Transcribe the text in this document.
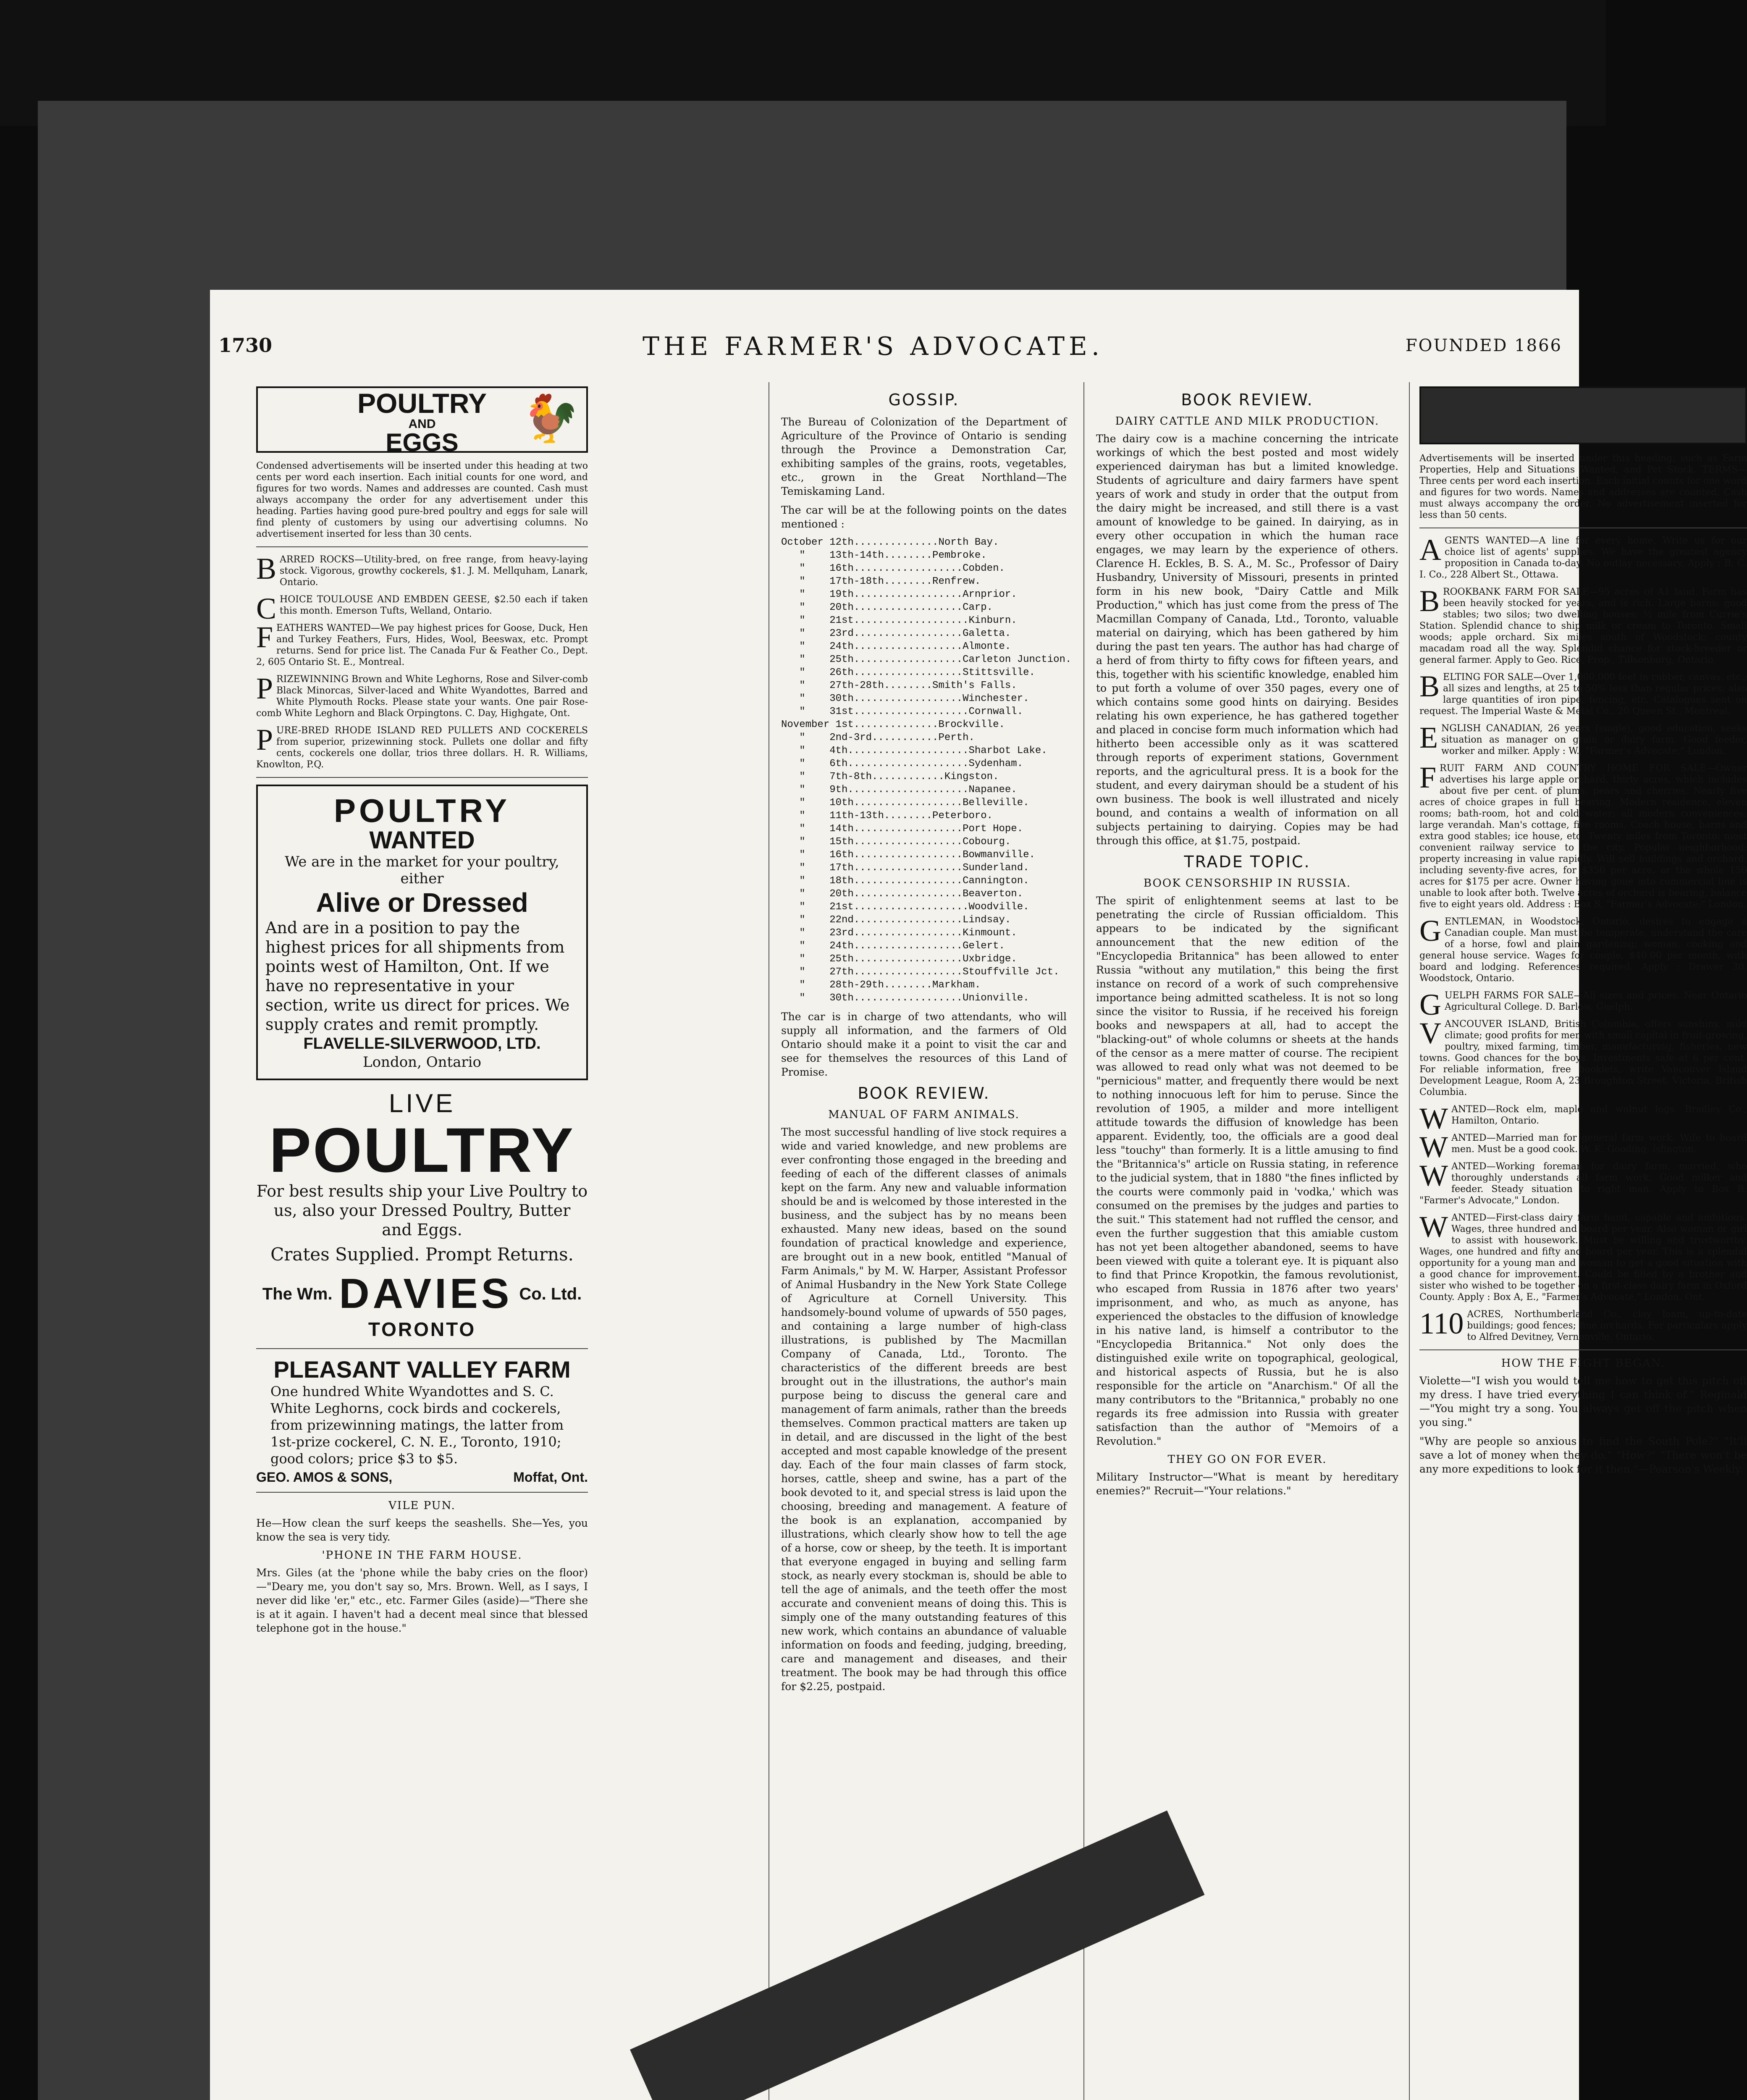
1730	THE FARMER'S ADVOCATE.	FOUNDED 1866
POULTRY
AND
EGGS	🐓

Condensed advertisements will be inserted under this heading at two cents per word each insertion. Each initial counts for one word, and figures for two words. Names and addresses are counted. Cash must always accompany the order for any advertisement under this heading. Parties having good pure-bred poultry and eggs for sale will find plenty of customers by using our advertising columns. No advertisement inserted for less than 30 cents.

BARRED ROCKS—Utility-bred, on free range, from heavy-laying stock. Vigorous, growthy cockerels, $1. J. M. Mellquham, Lanark, Ontario.
CHOICE TOULOUSE AND EMBDEN GEESE, $2.50 each if taken this month. Emerson Tufts, Welland, Ontario.
FEATHERS WANTED—We pay highest prices for Goose, Duck, Hen and Turkey Feathers, Furs, Hides, Wool, Beeswax, etc. Prompt returns. Send for price list. The Canada Fur & Feather Co., Dept. 2, 605 Ontario St. E., Montreal.
PRIZEWINNING Brown and White Leghorns, Rose and Silver-comb Black Minorcas, Silver-laced and White Wyandottes, Barred and White Plymouth Rocks. Please state your wants. One pair Rose-comb White Leghorn and Black Orpingtons. C. Day, Highgate, Ont.
PURE-BRED RHODE ISLAND RED PULLETS AND COCKERELS from superior, prizewinning stock. Pullets one dollar and fifty cents, cockerels one dollar, trios three dollars. H. R. Williams, Knowlton, P.Q.
POULTRY
WANTED
We are in the market for your poultry, either
Alive or Dressed
And are in a position to pay the highest prices for all shipments from points west of Hamilton, Ont. If we have no representative in your section, write us direct for prices. We supply crates and remit promptly.
FLAVELLE-SILVERWOOD, LTD.
London, Ontario
LIVE
POULTRY
For best results ship your Live Poultry to us, also your Dressed Poultry, Butter and Eggs.
Crates Supplied. Prompt Returns.
The Wm. DAVIES Co. Ltd.
TORONTO
PLEASANT VALLEY FARM
One hundred White Wyandottes and S. C. White Leghorns, cock birds and cockerels, from prizewinning matings, the latter from 1st-prize cockerel, C. N. E., Toronto, 1910; good colors; price $3 to $5.
GEO. AMOS & SONS,	Moffat, Ont.
VILE PUN.

He—How clean the surf keeps the seashells. She—Yes, you know the sea is very tidy.

'PHONE IN THE FARM HOUSE.

Mrs. Giles (at the 'phone while the baby cries on the floor)—"Deary me, you don't say so, Mrs. Brown. Well, as I says, I never did like 'er," etc., etc. Farmer Giles (aside)—"There she is at it again. I haven't had a decent meal since that blessed telephone got in the house."

GOSSIP.

The Bureau of Colonization of the Department of Agriculture of the Province of Ontario is sending through the Province a Demonstration Car, exhibiting samples of the grains, roots, vegetables, etc., grown in the Great Northland—The Temiskaming Land.

The car will be at the following points on the dates mentioned :

October 12th..............North Bay.
"    13th-14th........Pembroke.
"    16th..................Cobden.
"    17th-18th........Renfrew.
"    19th..................Arnprior.
"    20th..................Carp.
"    21st...................Kinburn.
"    23rd..................Galetta.
"    24th..................Almonte.
"    25th..................Carleton Junction.
"    26th..................Stittsville.
"    27th-28th........Smith's Falls.
"    30th..................Winchester.
"    31st...................Cornwall.
November 1st..............Brockville.
"    2nd-3rd...........Perth.
"    4th....................Sharbot Lake.
"    6th....................Sydenham.
"    7th-8th............Kingston.
"    9th....................Napanee.
"    10th..................Belleville.
"    11th-13th........Peterboro.
"    14th..................Port Hope.
"    15th..................Cobourg.
"    16th..................Bowmanville.
"    17th..................Sunderland.
"    18th..................Cannington.
"    20th..................Beaverton.
"    21st...................Woodville.
"    22nd..................Lindsay.
"    23rd..................Kinmount.
"    24th..................Gelert.
"    25th..................Uxbridge.
"    27th..................Stouffville Jct.
"    28th-29th........Markham.
"    30th..................Unionville.

The car is in charge of two attendants, who will supply all information, and the farmers of Old Ontario should make it a point to visit the car and see for themselves the resources of this Land of Promise.

BOOK REVIEW.
MANUAL OF FARM ANIMALS.

The most successful handling of live stock requires a wide and varied knowledge, and new problems are ever confronting those engaged in the breeding and feeding of each of the different classes of animals kept on the farm. Any new and valuable information should be and is welcomed by those interested in the business, and the subject has by no means been exhausted. Many new ideas, based on the sound foundation of practical knowledge and experience, are brought out in a new book, entitled "Manual of Farm Animals," by M. W. Harper, Assistant Professor of Animal Husbandry in the New York State College of Agriculture at Cornell University. This handsomely-bound volume of upwards of 550 pages, and containing a large number of high-class illustrations, is published by The Macmillan Company of Canada, Ltd., Toronto. The characteristics of the different breeds are best brought out in the illustrations, the author's main purpose being to discuss the general care and management of farm animals, rather than the breeds themselves. Common practical matters are taken up in detail, and are discussed in the light of the best accepted and most capable knowledge of the present day. Each of the four main classes of farm stock, horses, cattle, sheep and swine, has a part of the book devoted to it, and special stress is laid upon the choosing, breeding and management. A feature of the book is an explanation, accompanied by illustrations, which clearly show how to tell the age of a horse, cow or sheep, by the teeth. It is important that everyone engaged in buying and selling farm stock, as nearly every stockman is, should be able to tell the age of animals, and the teeth offer the most accurate and convenient means of doing this. This is simply one of the many outstanding features of this new work, which contains an abundance of valuable information on foods and feeding, judging, breeding, care and management and diseases, and their treatment. The book may be had through this office for $2.25, postpaid.

BOOK REVIEW.
DAIRY CATTLE AND MILK PRODUCTION.

The dairy cow is a machine concerning the intricate workings of which the best posted and most widely experienced dairyman has but a limited knowledge. Students of agriculture and dairy farmers have spent years of work and study in order that the output from the dairy might be increased, and still there is a vast amount of knowledge to be gained. In dairying, as in every other occupation in which the human race engages, we may learn by the experience of others. Clarence H. Eckles, B. S. A., M. Sc., Professor of Dairy Husbandry, University of Missouri, presents in printed form in his new book, "Dairy Cattle and Milk Production," which has just come from the press of The Macmillan Company of Canada, Ltd., Toronto, valuable material on dairying, which has been gathered by him during the past ten years. The author has had charge of a herd of from thirty to fifty cows for fifteen years, and this, together with his scientific knowledge, enabled him to put forth a volume of over 350 pages, every one of which contains some good hints on dairying. Besides relating his own experience, he has gathered together and placed in concise form much information which had hitherto been accessible only as it was scattered through reports of experiment stations, Government reports, and the agricultural press. It is a book for the student, and every dairyman should be a student of his own business. The book is well illustrated and nicely bound, and contains a wealth of information on all subjects pertaining to dairying. Copies may be had through this office, at $1.75, postpaid.

TRADE TOPIC.
BOOK CENSORSHIP IN RUSSIA.

The spirit of enlightenment seems at last to be penetrating the circle of Russian officialdom. This appears to be indicated by the significant announcement that the new edition of the "Encyclopedia Britannica" has been allowed to enter Russia "without any mutilation," this being the first instance on record of a work of such comprehensive importance being admitted scatheless. It is not so long since the visitor to Russia, if he received his foreign books and newspapers at all, had to accept the "blacking-out" of whole columns or sheets at the hands of the censor as a mere matter of course. The recipient was allowed to read only what was not deemed to be "pernicious" matter, and frequently there would be next to nothing innocuous left for him to peruse. Since the revolution of 1905, a milder and more intelligent attitude towards the diffusion of knowledge has been apparent. Evidently, too, the officials are a good deal less "touchy" than formerly. It is a little amusing to find the "Britannica's" article on Russia stating, in reference to the judicial system, that in 1880 "the fines inflicted by the courts were commonly paid in 'vodka,' which was consumed on the premises by the judges and parties to the suit." This statement had not ruffled the censor, and even the further suggestion that this amiable custom has not yet been altogether abandoned, seems to have been viewed with quite a tolerant eye. It is piquant also to find that Prince Kropotkin, the famous revolutionist, who escaped from Russia in 1876 after two years' imprisonment, and who, as much as anyone, has experienced the obstacles to the diffusion of knowledge in his native land, is himself a contributor to the "Encyclopedia Britannica." Not only does the distinguished exile write on topographical, geological, and historical aspects of Russia, but he is also responsible for the article on "Anarchism." Of all the many contributors to the "Britannica," probably no one regards its free admission into Russia with greater satisfaction than the author of "Memoirs of a Revolution."

THEY GO ON FOR EVER.

Military Instructor—"What is meant by hereditary enemies?" Recruit—"Your relations."

Advertisements will be inserted under this heading, such as Farm Properties, Help and Situations Wanted, and Pet Stock. TERMS—Three cents per word each insertion. Each initial counts for one word and figures for two words. Names and addresses are counted. Cash must always accompany the order. No advertisement inserted for less than 50 cents.

AGENTS WANTED—A line for every home. Write us for our choice list of agents' supplies. We have the greatest agency proposition in Canada to-day. No outlay necessary. Apply : B. C. I. Co., 228 Albert St., Ottawa.
BROOKBANK FARM FOR SALE—95 acres of A1 land. Farm has been heavily stocked for years, and is rich. Large barns; good stables; two silos; two dwelling houses; ½ mile from Currie's Station. Splendid chance to ship milk or cream to Toronto. Small woods; apple orchard. Six miles south of Woodstock; county macadam road all the way. Splendid chance for stock-breeder or general farmer. Apply to Geo. Rice, Prop., Tillsonburg, Ontario.
BELTING FOR SALE—Over 1,000,000 feet in rubber, canvas, etc.; all sizes and lengths, at 25 to 50% less than regular prices; also large quantities of iron pipe, fencing, etc. Catalogues sent on request. The Imperial Waste & Metal Co., 20 Queen St., Montreal.
ENGLISH CANADIAN, 26 years (single), good education, seeks situation as manager on grain or dairy farm. Good feeder, worker and milker. Apply : W., "Farmer's Advocate," London.
FRUIT FARM AND COUNTRY HOME FOR SALE—Owner advertises his large apple orchard, thirty acres, which includes about five per cent. of plums, pears and cherries. Nearly five acres of choice grapes in full bearing. Modern residence, eleven rooms; bath-room, hot and cold water; all modern conveniences; large verandah. Man's cottage, five rooms. Coach house, barns and extra good stables; ice house, etc. Twenty miles from Toronto; most convenient railway service to the city. Popular neighborhood; property increasing in value rapidly. Will sell buildings and orchard, including seventy-five acres, for $350 per acre, or the whole 150 acres for $175 per acre. Owner having gone into commercial line is unable to look after both. Twelve acres of orchard is bearing, balance five to eight years old. Address : Box S, "Farmer's Advocate," London.
GENTLEMAN, in Woodstock, Ontario, desires to engage a Canadian couple. Man must be temperate, understand the care of a horse, fowl and plain gardening; woman, cooking and general house service. Wages for couple, $40.00 per month, with board and lodging. References required. Apply : Drawer 30, Woodstock, Ontario.
GUELPH FARMS FOR SALE—All sizes and prices. Near Ontario Agricultural College. D. Barlow, Guelph.
VANCOUVER ISLAND, British Columbia, offers sunshiny, mild climate; good profits for men with small capital in fruit-growing, poultry, mixed farming, timber, manufacturing, fisheries, new towns. Good chances for the boys. Investments safe at 6 per cent. For reliable information, free booklets, write Vancouver Island Development League, Room A, 23 Broughton Street, Victoria, British Columbia.
WANTED—Rock elm, maple and walnut logs. Bradley Co., Hamilton, Ontario.
WANTED—Married man for general farm work. Wife to board men. Must be a good cook. W. K. Gooding, Islington.
WANTED—Working foreman for dairy farm, married, who thoroughly understands all farm work. Good milker and feeder. Steady situation to right man. Apply to Box B, "Farmer's Advocate," London.
WANTED—First-class dairy farm hand, capable and ambitious. Wages, three hundred and board per year. Also woman or girl to assist with housework. Must be willing and trustworthy. Wages, one hundred and fifty and board per year. This is a splendid opportunity for a young man and woman to get a good situation with a good chance for improvement. Could be filled by a brother and sister who wished to be together on a first-class dairy farm in Oxford County. Apply : Box A, E., "Farmer's Advocate," London, Ont.
110 ACRES, Northumberland Co., clay loam, up-to-date buildings; good fences; fine orchards. For particulars apply to Alfred Devitney, Vernonville, Ontario.
HOW THE FIGHT BEGAN.

Violette—"I wish you would tell me how to get this pitch off my dress. I have tried everything I can think of." Reginald—"You might try a song. You always get off the pitch when you sing."

"Why are people so anxious to find the South Pole?" "It'll save a lot of money when they do." "How?" "There won't be any more expeditions to look for it then."—Pearson's Weekly.
